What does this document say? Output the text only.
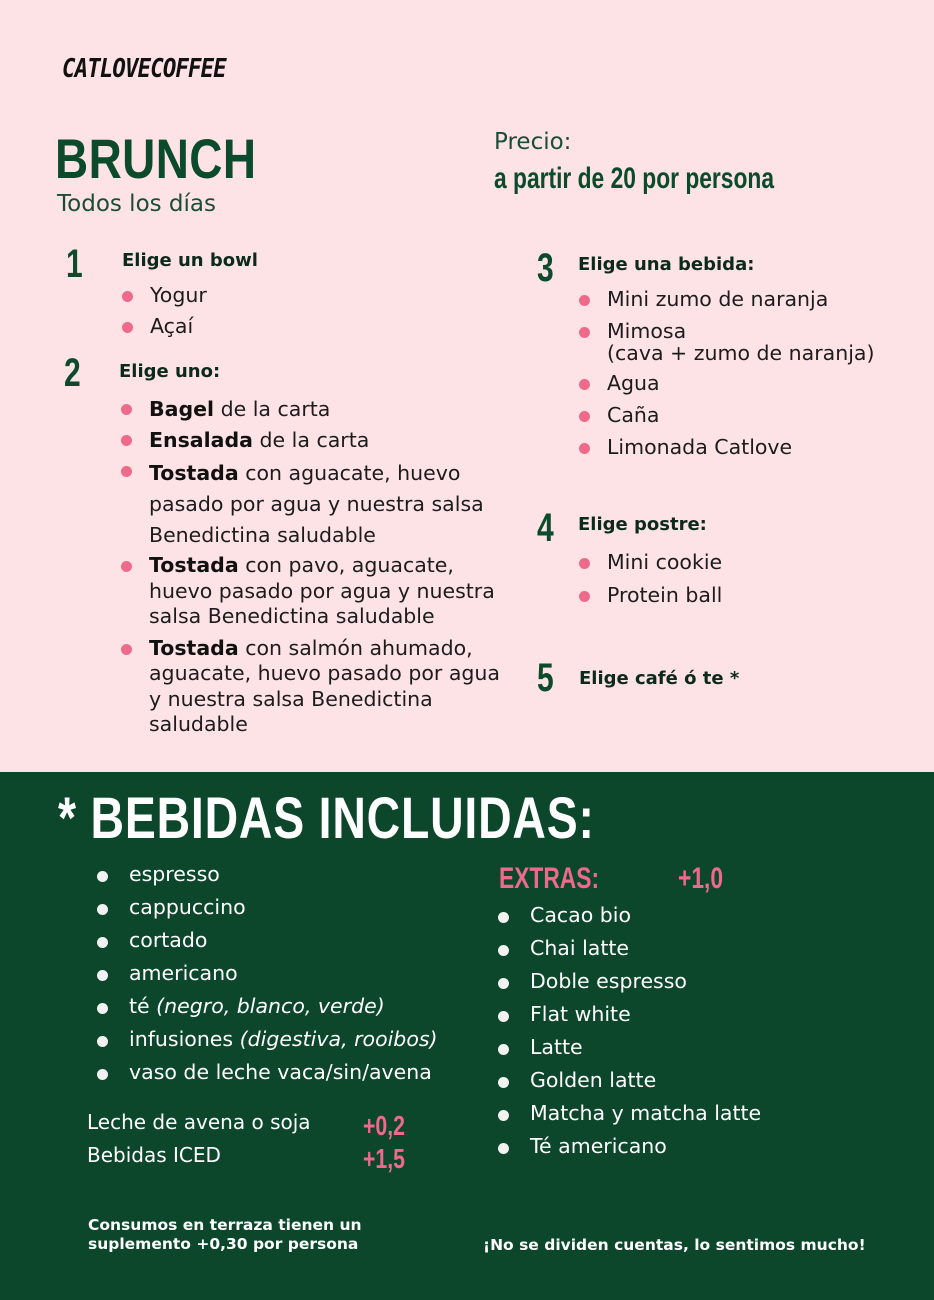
CATLOVECOFFEE
BRUNCH
Todos los días
Precio:
a partir de 20 por persona
1 Elige un bowl
Yogur
Açaí
2 Elige uno:
Bagel de la carta
Ensalada de la carta
Tostada con aguacate, huevo pasado por agua y nuestra salsa Benedictina saludable
Tostada con pavo, aguacate, huevo pasado por agua y nuestra salsa Benedictina saludable
Tostada con salmón ahumado, aguacate, huevo pasado por agua y nuestra salsa Benedictina saludable
3 Elige una bebida:
Mini zumo de naranja
Mimosa
(cava + zumo de naranja)
Agua
Caña
Limonada Catlove
4 Elige postre:
Mini cookie
Protein ball
5 Elige café ó te *
* BEBIDAS INCLUIDAS:
espresso
cappuccino
cortado
americano
té (negro, blanco, verde)
infusiones (digestiva, rooibos)
vaso de leche vaca/sin/avena
Leche de avena o soja +0,2
Bebidas ICED	+1,5
EXTRAS:	+1,0
Cacao bio
Chai latte
Doble espresso
Flat white
Latte
Golden latte
Matcha y matcha latte
Té americano
Consumos en terraza tienen un
suplemento +0,30 por persona	¡No se dividen cuentas, lo sentimos mucho!
